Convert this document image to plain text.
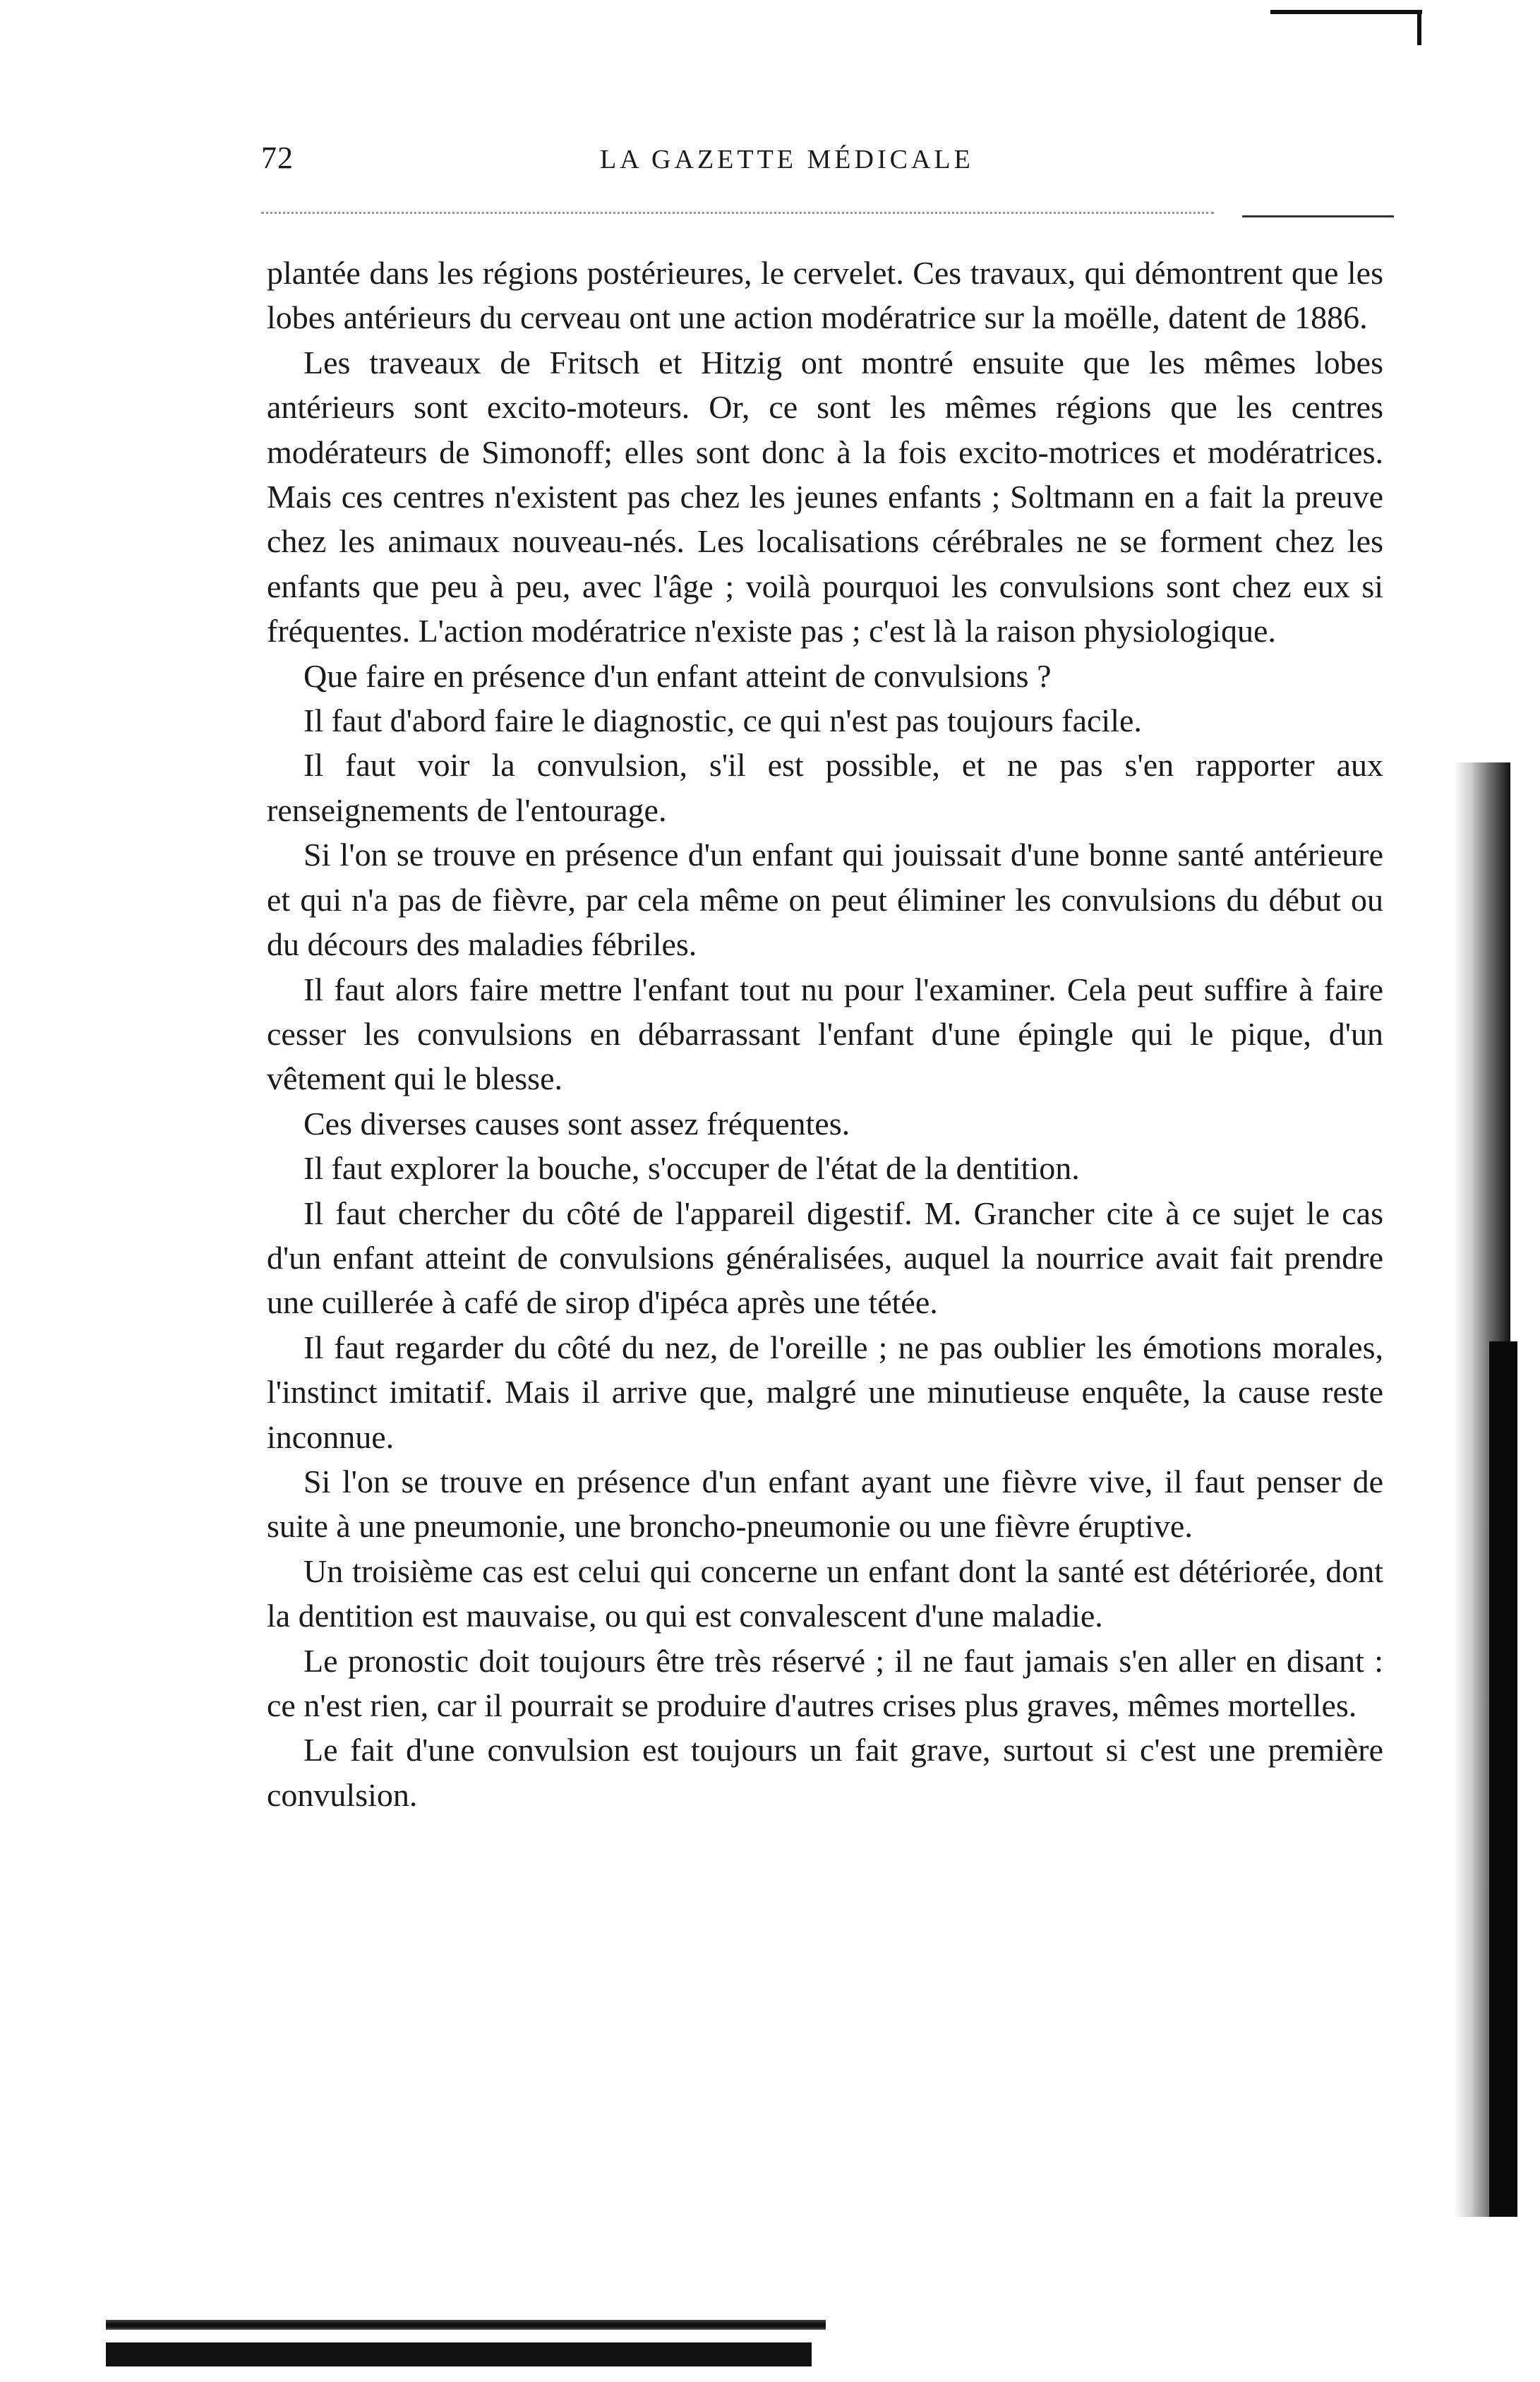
72	LA GAZETTE MÉDICALE

plantée dans les régions postérieures, le cervelet. Ces travaux, qui démontrent que les lobes antérieurs du cerveau ont une action modératrice sur la moëlle, datent de 1886.

Les traveaux de Fritsch et Hitzig ont montré ensuite que les mêmes lobes antérieurs sont excito-moteurs. Or, ce sont les mêmes régions que les centres modérateurs de Simonoff; elles sont donc à la fois excito-motrices et modératrices. Mais ces centres n'existent pas chez les jeunes enfants ; Soltmann en a fait la preuve chez les animaux nouveau-nés. Les localisations cérébrales ne se forment chez les enfants que peu à peu, avec l'âge ; voilà pourquoi les convulsions sont chez eux si fréquentes. L'action modératrice n'existe pas ; c'est là la raison physiologique.

Que faire en présence d'un enfant atteint de convulsions ?

Il faut d'abord faire le diagnostic, ce qui n'est pas toujours facile.

Il faut voir la convulsion, s'il est possible, et ne pas s'en rapporter aux renseignements de l'entourage.

Si l'on se trouve en présence d'un enfant qui jouissait d'une bonne santé antérieure et qui n'a pas de fièvre, par cela même on peut éliminer les convulsions du début ou du décours des maladies fébriles.

Il faut alors faire mettre l'enfant tout nu pour l'examiner. Cela peut suffire à faire cesser les convulsions en débarrassant l'enfant d'une épingle qui le pique, d'un vêtement qui le blesse.

Ces diverses causes sont assez fréquentes.

Il faut explorer la bouche, s'occuper de l'état de la dentition.

Il faut chercher du côté de l'appareil digestif. M. Grancher cite à ce sujet le cas d'un enfant atteint de convulsions généralisées, auquel la nourrice avait fait prendre une cuillerée à café de sirop d'ipéca après une tétée.

Il faut regarder du côté du nez, de l'oreille ; ne pas oublier les émotions morales, l'instinct imitatif. Mais il arrive que, malgré une minutieuse enquête, la cause reste inconnue.

Si l'on se trouve en présence d'un enfant ayant une fièvre vive, il faut penser de suite à une pneumonie, une broncho-pneumonie ou une fièvre éruptive.

Un troisième cas est celui qui concerne un enfant dont la santé est détériorée, dont la dentition est mauvaise, ou qui est convalescent d'une maladie.

Le pronostic doit toujours être très réservé ; il ne faut jamais s'en aller en disant : ce n'est rien, car il pourrait se produire d'autres crises plus graves, mêmes mortelles.

Le fait d'une convulsion est toujours un fait grave, surtout si c'est une première convulsion.
